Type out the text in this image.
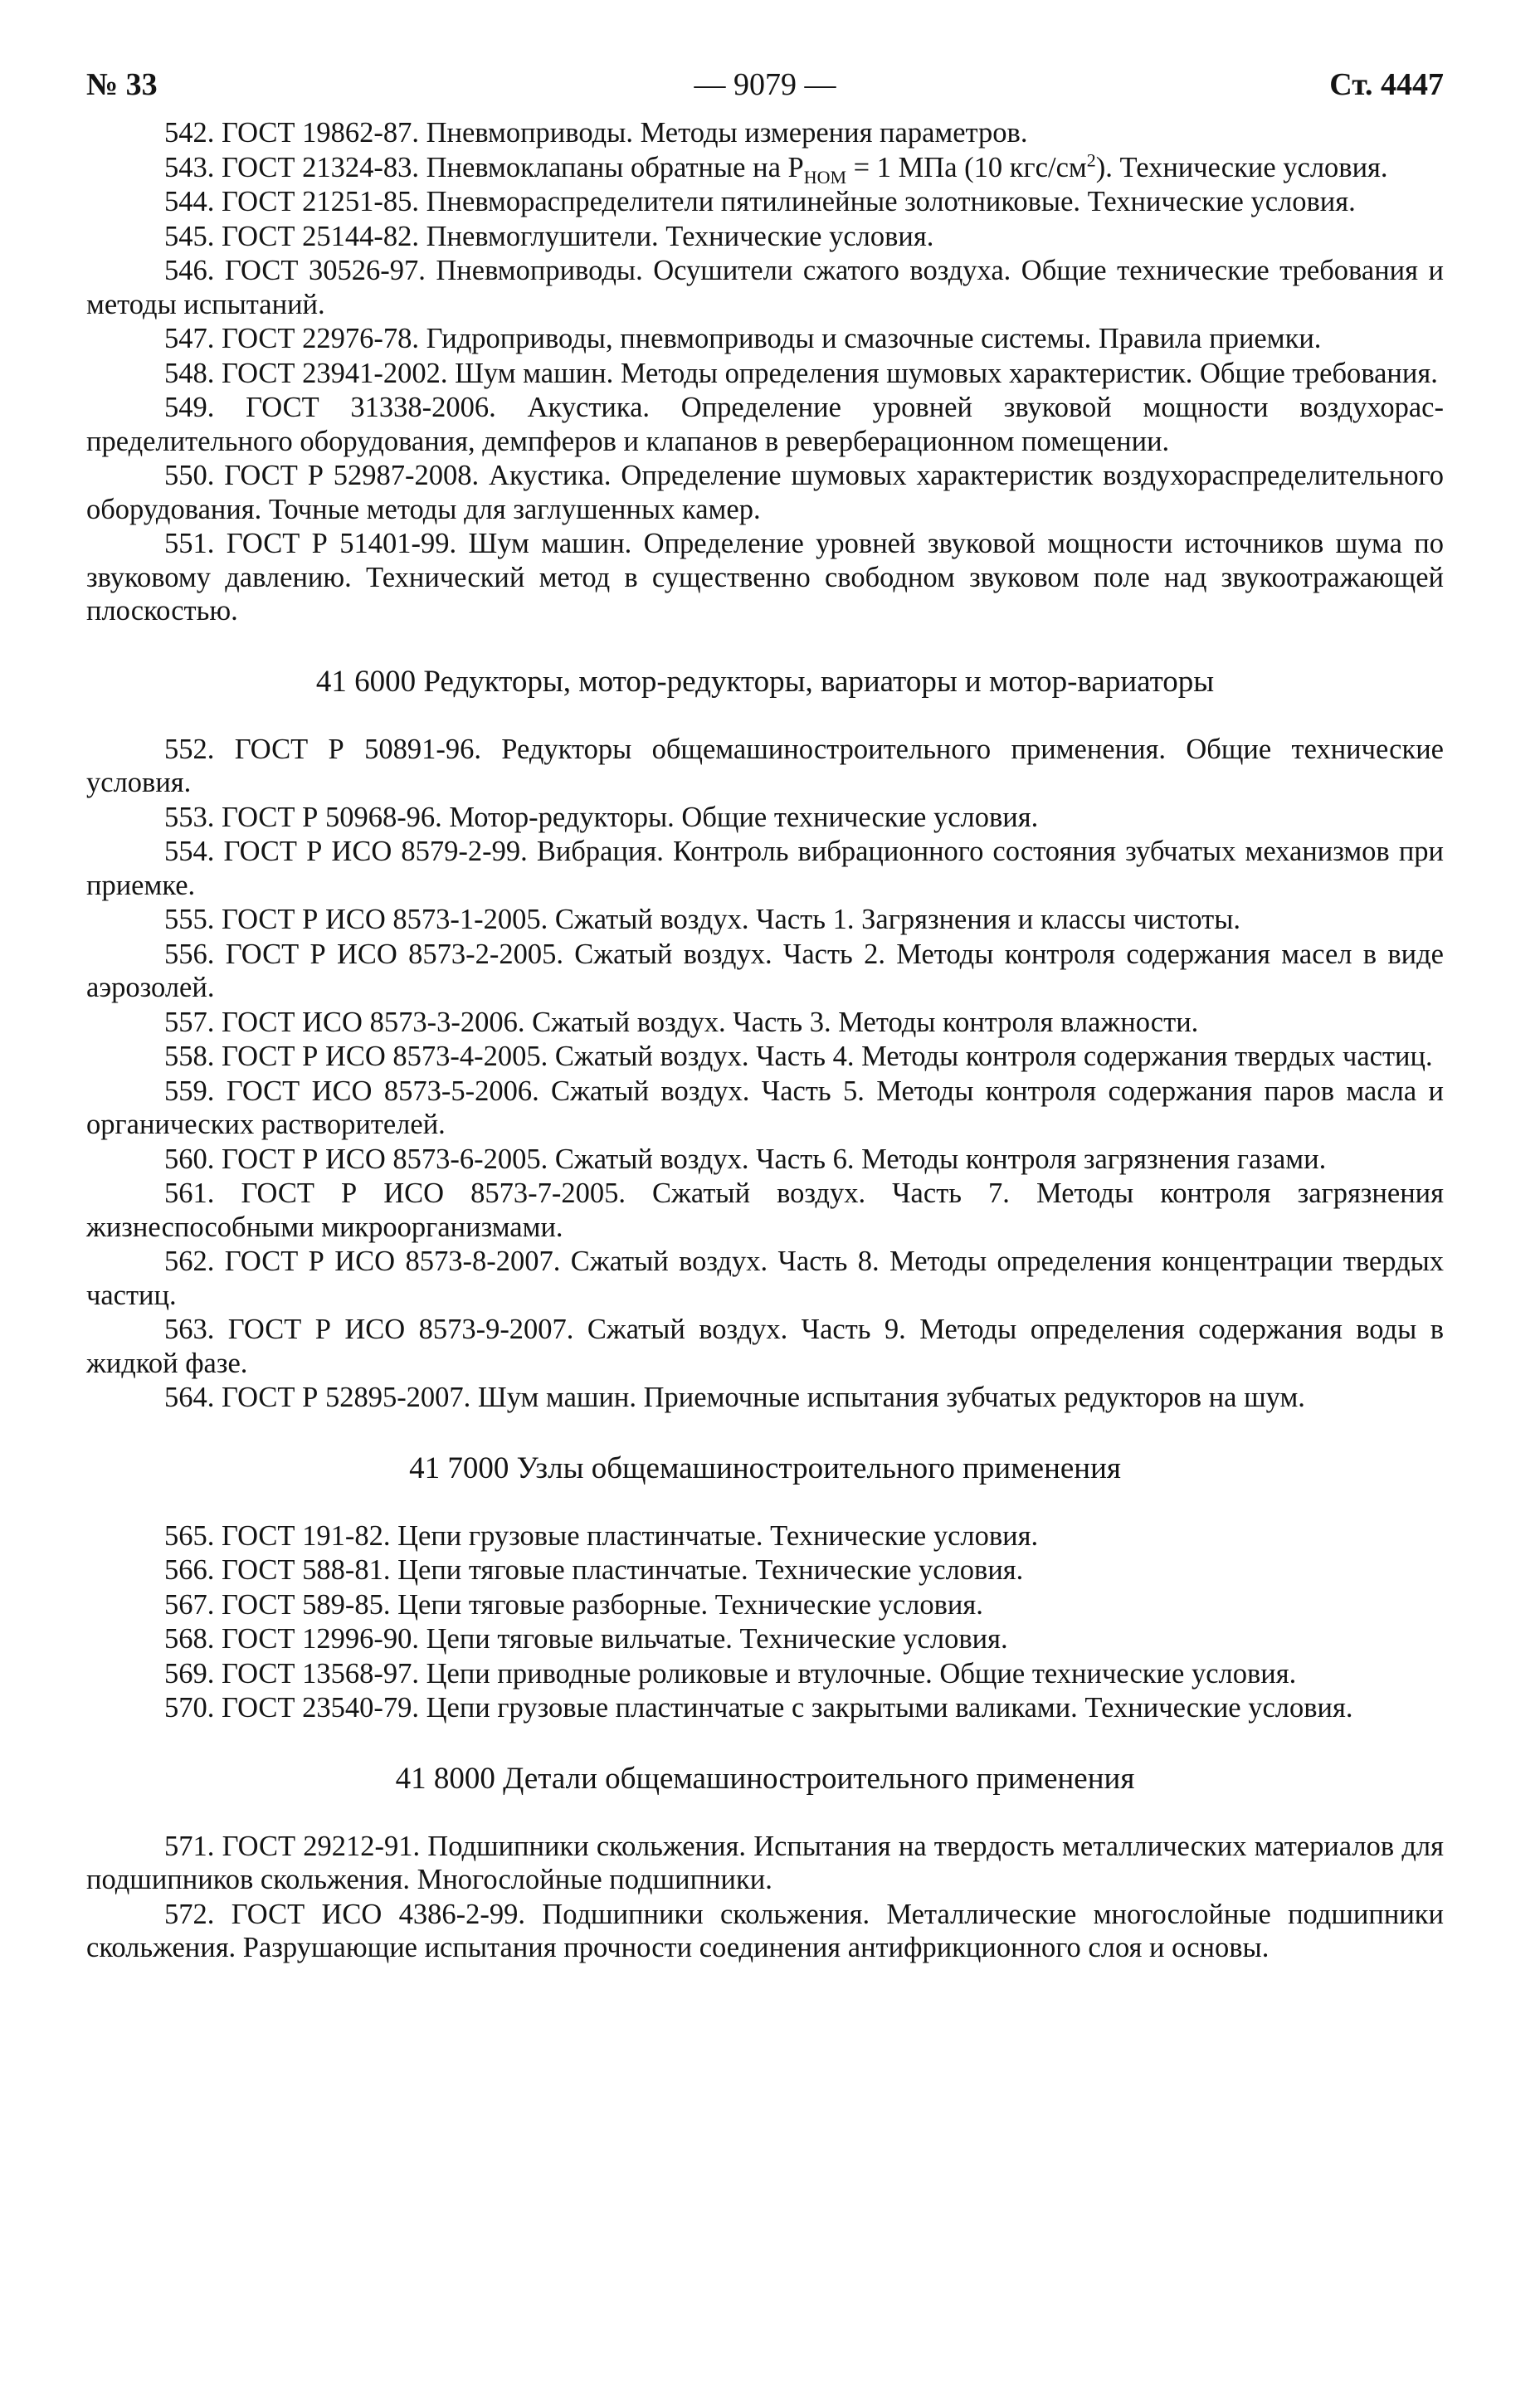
№ 33	— 9079 —	Ст. 4447

542. ГОСТ 19862-87. Пневмоприводы. Методы измерения параметров.

543. ГОСТ 21324-83. Пневмоклапаны обратные на $P_{НОМ} = 1$ МПа (10 кгс/$см^2$). Технические условия.

544. ГОСТ 21251-85. Пневмораспределители пятилинейные золотниковые. Технические условия.

545. ГОСТ 25144-82. Пневмоглушители. Технические условия.

546. ГОСТ 30526-97. Пневмоприводы. Осушители сжатого воздуха. Общие технические требования и методы испытаний.

547. ГОСТ 22976-78. Гидроприводы, пневмоприводы и смазочные системы. Правила приемки.

548. ГОСТ 23941-2002. Шум машин. Методы определения шумовых характеристик. Общие требования.

549. ГОСТ 31338-2006. Акустика. Определение уровней звуковой мощности воздухораспределительного оборудования, демпферов и клапанов в реверберационном помещении.

550. ГОСТ Р 52987-2008. Акустика. Определение шумовых характеристик воздухораспределительного оборудования. Точные методы для заглушенных камер.

551. ГОСТ Р 51401-99. Шум машин. Определение уровней звуковой мощности источников шума по звуковому давлению. Технический метод в существенно свободном звуковом поле над звукоотражающей плоскостью.

41 6000 Редукторы, мотор-редукторы, вариаторы и мотор-вариаторы

552. ГОСТ Р 50891-96. Редукторы общемашиностроительного применения. Общие технические условия.

553. ГОСТ Р 50968-96. Мотор-редукторы. Общие технические условия.

554. ГОСТ Р ИСО 8579-2-99. Вибрация. Контроль вибрационного состояния зубчатых механизмов при приемке.

555. ГОСТ Р ИСО 8573-1-2005. Сжатый воздух. Часть 1. Загрязнения и классы чистоты.

556. ГОСТ Р ИСО 8573-2-2005. Сжатый воздух. Часть 2. Методы контроля содержания масел в виде аэрозолей.

557. ГОСТ ИСО 8573-3-2006. Сжатый воздух. Часть 3. Методы контроля влажности.

558. ГОСТ Р ИСО 8573-4-2005. Сжатый воздух. Часть 4. Методы контроля содержания твердых частиц.

559. ГОСТ ИСО 8573-5-2006. Сжатый воздух. Часть 5. Методы контроля содержания паров масла и органических растворителей.

560. ГОСТ Р ИСО 8573-6-2005. Сжатый воздух. Часть 6. Методы контроля загрязнения газами.

561. ГОСТ Р ИСО 8573-7-2005. Сжатый воздух. Часть 7. Методы контроля загрязнения жизнеспособными микроорганизмами.

562. ГОСТ Р ИСО 8573-8-2007. Сжатый воздух. Часть 8. Методы определения концентрации твердых частиц.

563. ГОСТ Р ИСО 8573-9-2007. Сжатый воздух. Часть 9. Методы определения содержания воды в жидкой фазе.

564. ГОСТ Р 52895-2007. Шум машин. Приемочные испытания зубчатых редукторов на шум.

41 7000 Узлы общемашиностроительного применения

565. ГОСТ 191-82. Цепи грузовые пластинчатые. Технические условия.

566. ГОСТ 588-81. Цепи тяговые пластинчатые. Технические условия.

567. ГОСТ 589-85. Цепи тяговые разборные. Технические условия.

568. ГОСТ 12996-90. Цепи тяговые вильчатые. Технические условия.

569. ГОСТ 13568-97. Цепи приводные роликовые и втулочные. Общие технические условия.

570. ГОСТ 23540-79. Цепи грузовые пластинчатые с закрытыми валиками. Технические условия.

41 8000 Детали общемашиностроительного применения

571. ГОСТ 29212-91. Подшипники скольжения. Испытания на твердость металлических материалов для подшипников скольжения. Многослойные подшипники.

572. ГОСТ ИСО 4386-2-99. Подшипники скольжения. Металлические многослойные подшипники скольжения. Разрушающие испытания прочности соединения антифрикционного слоя и основы.
